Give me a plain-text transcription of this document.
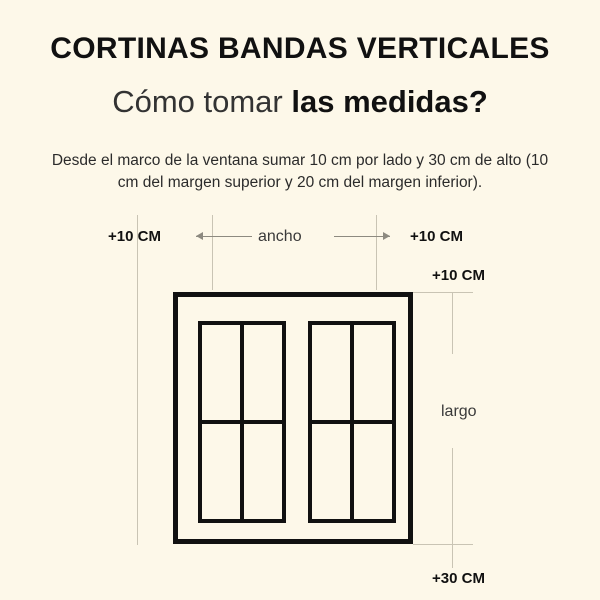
CORTINAS BANDAS VERTICALES
Cómo tomar las medidas?
Desde el marco de la ventana sumar 10 cm por lado y 30 cm de alto (10 cm del margen superior y 20 cm del margen inferior).
+10 CM	+10 CM
+10 CM
+30 CM
ancho
largo
